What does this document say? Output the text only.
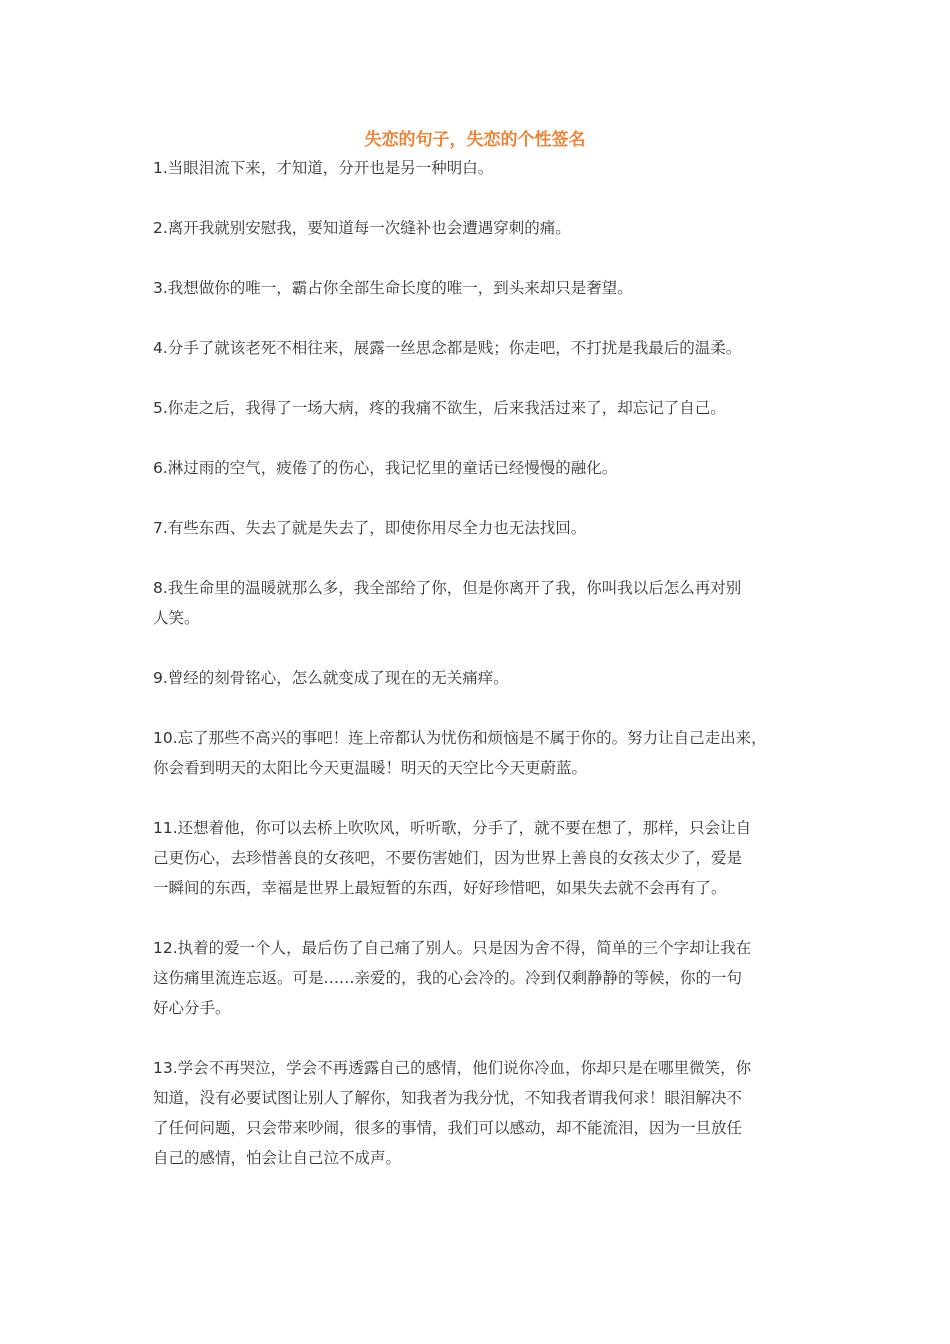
失恋的句子，失恋的个性签名

1.当眼泪流下来，才知道，分开也是另一种明白。

2.离开我就别安慰我，要知道每一次缝补也会遭遇穿刺的痛。

3.我想做你的唯一，霸占你全部生命长度的唯一，到头来却只是奢望。

4.分手了就该老死不相往来，展露一丝思念都是贱；你走吧，不打扰是我最后的温柔。

5.你走之后，我得了一场大病，疼的我痛不欲生，后来我活过来了，却忘记了自己。

6.淋过雨的空气，疲倦了的伤心，我记忆里的童话已经慢慢的融化。

7.有些东西、失去了就是失去了，即使你用尽全力也无法找回。

8.我生命里的温暖就那么多，我全部给了你，但是你离开了我，你叫我以后怎么再对别
人笑。

9.曾经的刻骨铭心，怎么就变成了现在的无关痛痒。

10.忘了那些不高兴的事吧！连上帝都认为忧伤和烦恼是不属于你的。努力让自己走出来，
你会看到明天的太阳比今天更温暖！明天的天空比今天更蔚蓝。

11.还想着他，你可以去桥上吹吹风，听听歌，分手了，就不要在想了，那样，只会让自
己更伤心，去珍惜善良的女孩吧，不要伤害她们，因为世界上善良的女孩太少了，爱是
一瞬间的东西，幸福是世界上最短暂的东西，好好珍惜吧，如果失去就不会再有了。

12.执着的爱一个人，最后伤了自己痛了别人。只是因为舍不得，简单的三个字却让我在
这伤痛里流连忘返。可是……亲爱的，我的心会冷的。冷到仅剩静静的等候，你的一句
好心分手。

13.学会不再哭泣，学会不再透露自己的感情，他们说你冷血，你却只是在哪里微笑，你
知道，没有必要试图让别人了解你，知我者为我分忧，不知我者谓我何求！眼泪解决不
了任何问题，只会带来吵闹，很多的事情，我们可以感动，却不能流泪，因为一旦放任
自己的感情，怕会让自己泣不成声。
